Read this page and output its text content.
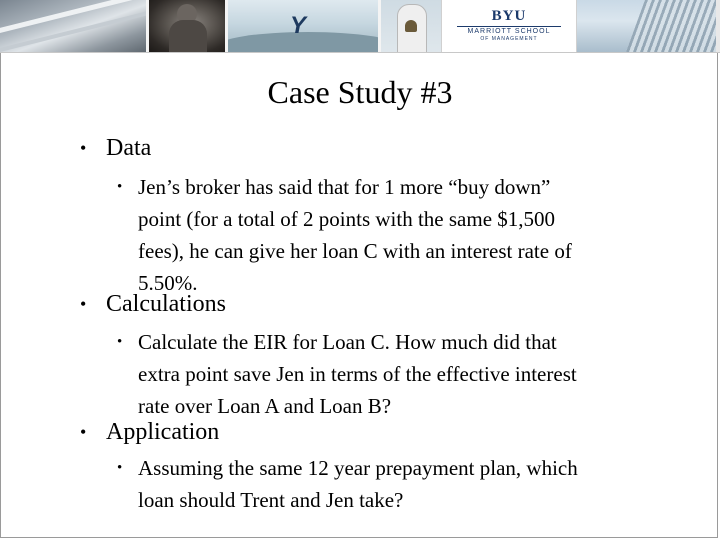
Y	BYU
MARRIOTT SCHOOL
OF MANAGEMENT
Case Study #3
• Data
• Jen’s broker has said that for 1 more “buy down”
point (for a total of 2 points with the same $1,500
fees), he can give her loan C with an interest rate of
5.50%.
• Calculations
• Calculate the EIR for Loan C. How much did that
extra point save Jen in terms of the effective interest
rate over Loan A and Loan B?
• Application
• Assuming the same 12 year prepayment plan, which
loan should Trent and Jen take?
